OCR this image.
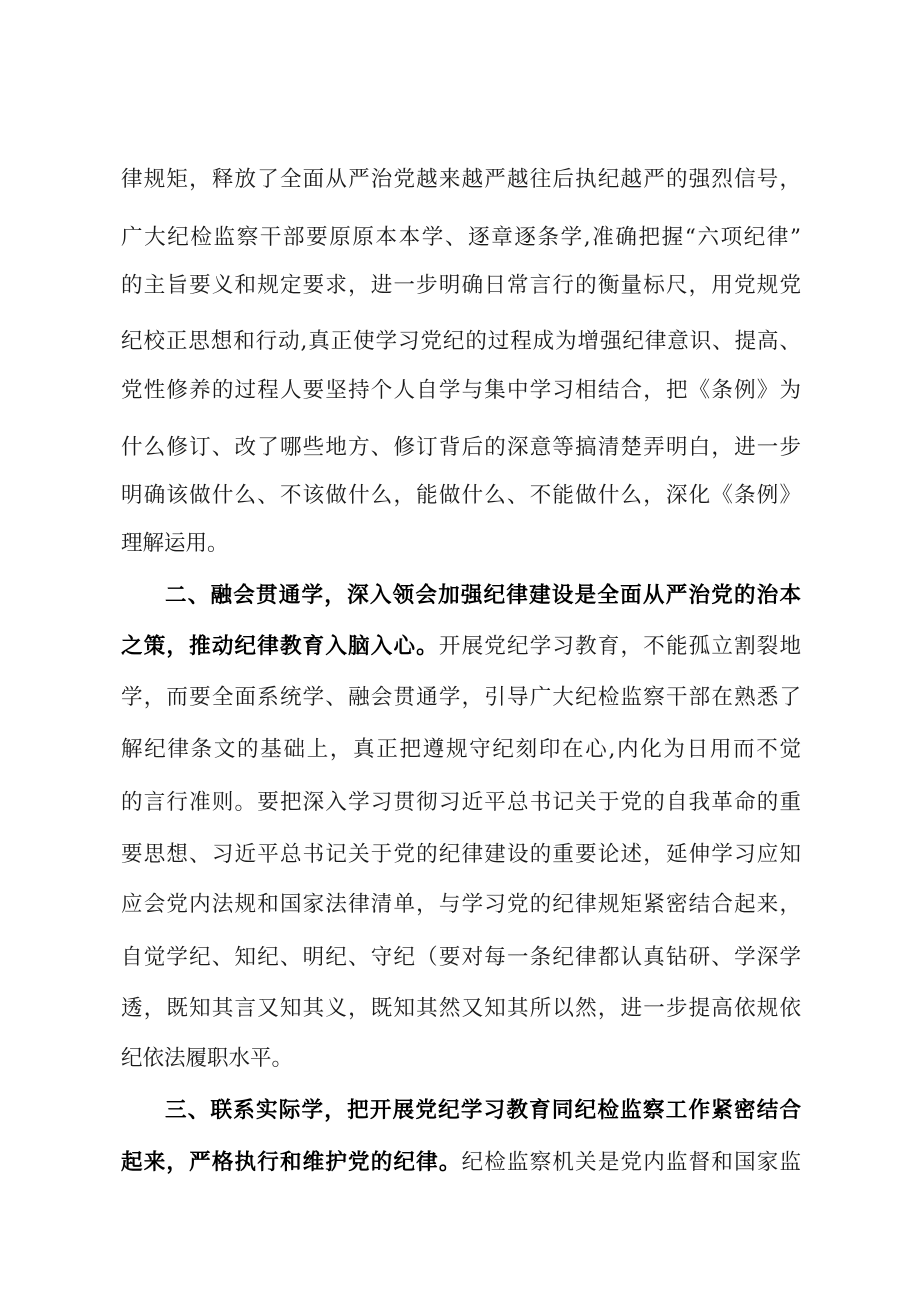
律规矩，释放了全面从严治党越来越严越往后执纪越严的强烈信号，
广大纪检监察干部要原原本本学、逐章逐条学,准确把握“六项纪律”
的主旨要义和规定要求，进一步明确日常言行的衡量标尺，用党规党
纪校正思想和行动,真正使学习党纪的过程成为增强纪律意识、提高、
党性修养的过程人要坚持个人自学与集中学习相结合，把《条例》为
什么修订、改了哪些地方、修订背后的深意等搞清楚弄明白，进一步
明确该做什么、不该做什么，能做什么、不能做什么，深化《条例》
理解运用。
二、融会贯通学，深入领会加强纪律建设是全面从严治党的治本
之策，推动纪律教育入脑入心。开展党纪学习教育，不能孤立割裂地
学，而要全面系统学、融会贯通学，引导广大纪检监察干部在熟悉了
解纪律条文的基础上，真正把遵规守纪刻印在心,内化为日用而不觉
的言行准则。要把深入学习贯彻习近平总书记关于党的自我革命的重
要思想、习近平总书记关于党的纪律建设的重要论述，延伸学习应知
应会党内法规和国家法律清单，与学习党的纪律规矩紧密结合起来，
自觉学纪、知纪、明纪、守纪（要对每一条纪律都认真钻研、学深学
透，既知其言又知其义，既知其然又知其所以然，进一步提高依规依
纪依法履职水平。
三、联系实际学，把开展党纪学习教育同纪检监察工作紧密结合
起来，严格执行和维护党的纪律。纪检监察机关是党内监督和国家监
